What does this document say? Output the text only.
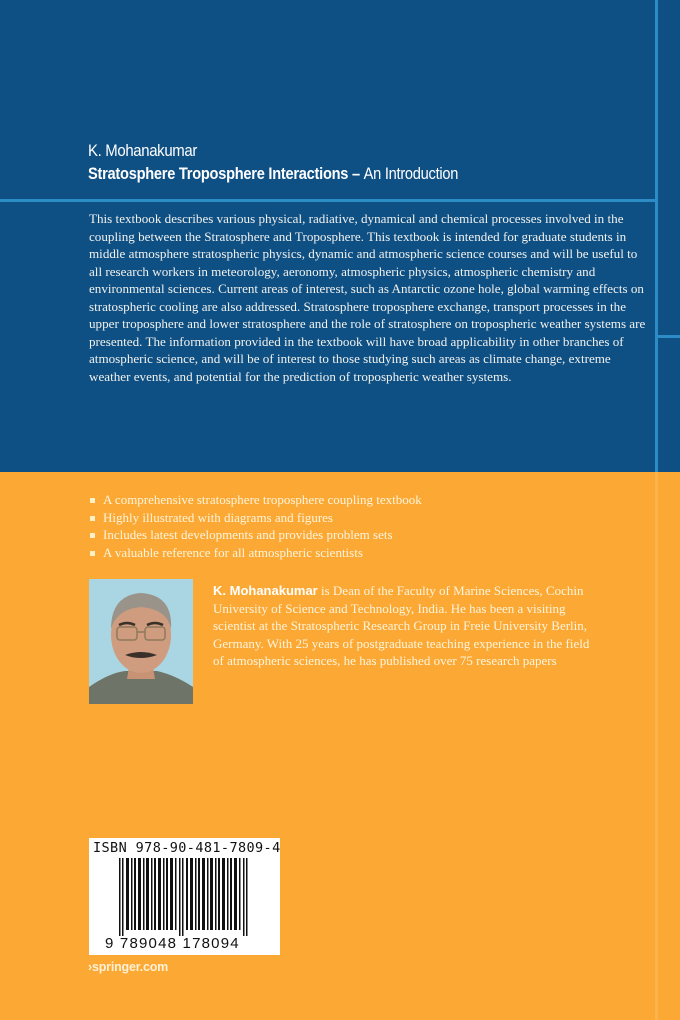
K. Mohanakumar
Stratosphere Troposphere Interactions – An Introduction
This textbook describes various physical, radiative, dynamical and chemical processes involved in the coupling between the Stratosphere and Troposphere. This textbook is intended for graduate students in middle atmosphere stratospheric physics, dynamic and atmospheric science courses and will be useful to all research workers in meteorology, aeronomy, atmospheric physics, atmospheric chemistry and environmental sciences. Current areas of interest, such as Antarctic ozone hole, global warming effects on stratospheric cooling are also addressed. Stratosphere troposphere exchange, transport processes in the upper troposphere and lower stratosphere and the role of stratosphere on tropospheric weather systems are presented. The information provided in the textbook will have broad applicability in other branches of atmospheric science, and will be of interest to those studying such areas as climate change, extreme weather events, and potential for the prediction of tropospheric weather systems.
A comprehensive stratosphere troposphere coupling textbook
Highly illustrated with diagrams and figures
Includes latest developments and provides problem sets
A valuable reference for all atmospheric scientists
K. Mohanakumar is Dean of the Faculty of Marine Sciences, Cochin University of Science and Technology, India. He has been a visiting scientist at the Stratospheric Research Group in Freie University Berlin, Germany. With 25 years of postgraduate teaching experience in the field of atmospheric sciences, he has published over 75 research papers
ISBN 978-90-481-7809-4
9 789048 178094
›springer.com
